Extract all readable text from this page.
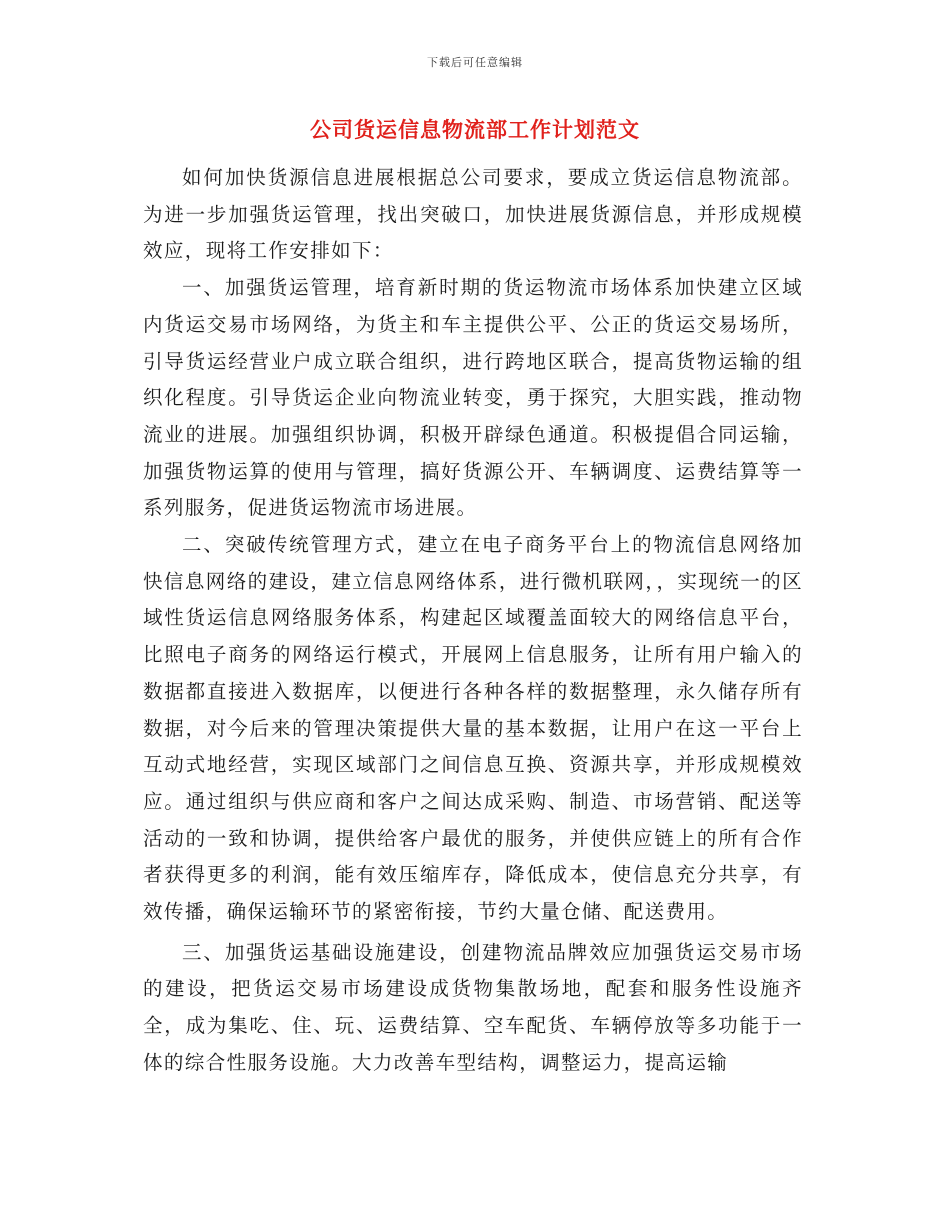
下载后可任意编辑
公司货运信息物流部工作计划范文

如何加快货源信息进展根据总公司要求，要成立货运信息物流部。为进一步加强货运管理，找出突破口，加快进展货源信息，并形成规模效应，现将工作安排如下：

一、加强货运管理，培育新时期的货运物流市场体系加快建立区域内货运交易市场网络，为货主和车主提供公平、公正的货运交易场所，引导货运经营业户成立联合组织，进行跨地区联合，提高货物运输的组织化程度。引导货运企业向物流业转变，勇于探究，大胆实践，推动物流业的进展。加强组织协调，积极开辟绿色通道。积极提倡合同运输，加强货物运算的使用与管理，搞好货源公开、车辆调度、运费结算等一系列服务，促进货运物流市场进展。

二、突破传统管理方式，建立在电子商务平台上的物流信息网络加快信息网络的建设，建立信息网络体系，进行微机联网，，实现统一的区域性货运信息网络服务体系，构建起区域覆盖面较大的网络信息平台，比照电子商务的网络运行模式，开展网上信息服务，让所有用户输入的数据都直接进入数据库，以便进行各种各样的数据整理，永久储存所有数据，对今后来的管理决策提供大量的基本数据，让用户在这一平台上互动式地经营，实现区域部门之间信息互换、资源共享，并形成规模效应。通过组织与供应商和客户之间达成采购、制造、市场营销、配送等活动的一致和协调，提供给客户最优的服务，并使供应链上的所有合作者获得更多的利润，能有效压缩库存，降低成本，使信息充分共享，有效传播，确保运输环节的紧密衔接，节约大量仓储、配送费用。

三、加强货运基础设施建设，创建物流品牌效应加强货运交易市场的建设，把货运交易市场建设成货物集散场地，配套和服务性设施齐全，成为集吃、住、玩、运费结算、空车配货、车辆停放等多功能于一体的综合性服务设施。大力改善车型结构，调整运力，提高运输
